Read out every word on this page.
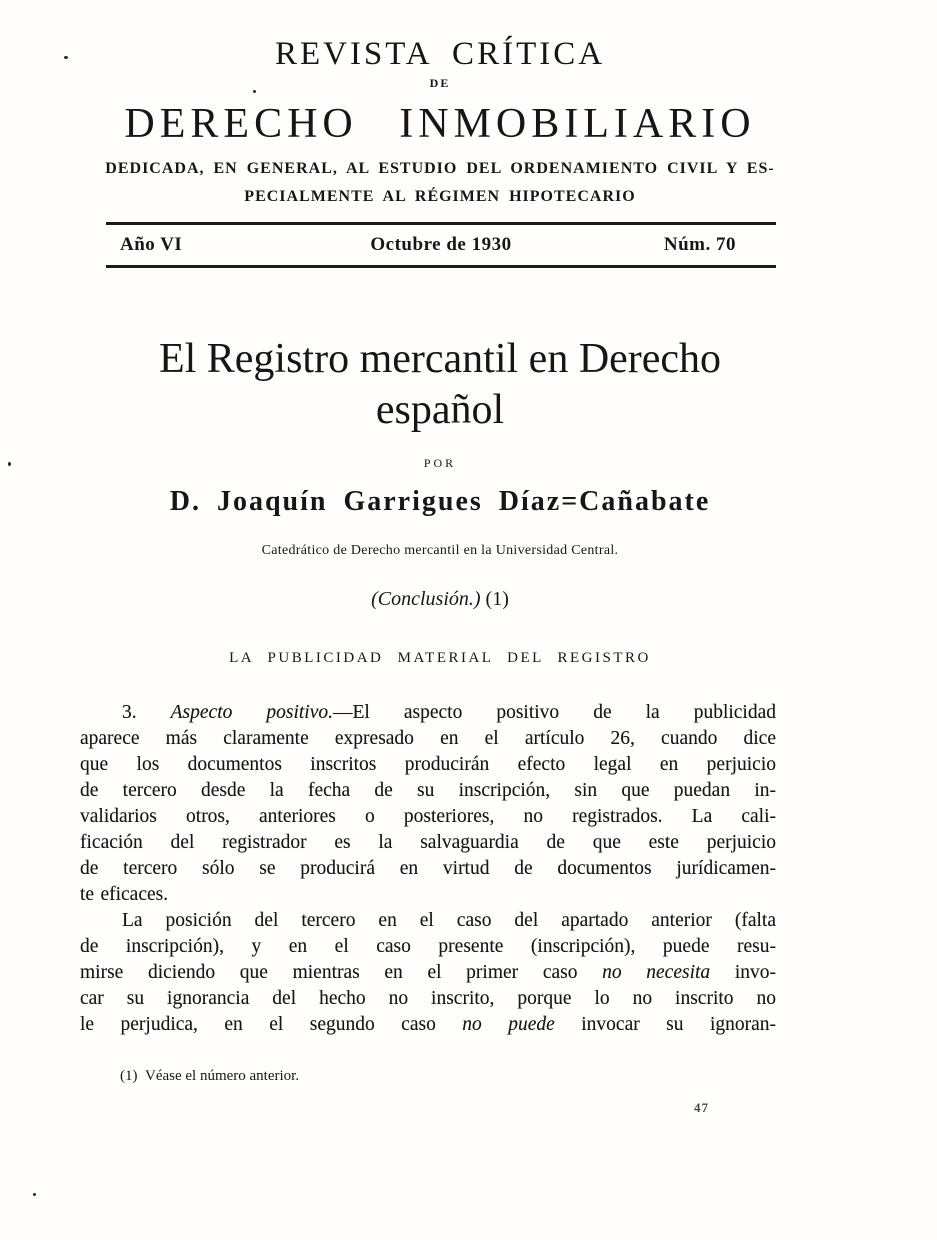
REVISTA CRÍTICA
DE
DERECHO INMOBILIARIO
DEDICADA, EN GENERAL, AL ESTUDIO DEL ORDENAMIENTO CIVIL Y ES-
PECIALMENTE AL RÉGIMEN HIPOTECARIO
Año VI	Octubre de 1930	Núm. 70
El Registro mercantil en Derecho
español
POR
D. Joaquín Garrigues Díaz=Cañabate
Catedrático de Derecho mercantil en la Universidad Central.
(Conclusión.) (1)
LA PUBLICIDAD MATERIAL DEL REGISTRO
3. Aspecto positivo.—El aspecto positivo de la publicidad
aparece más claramente expresado en el artículo 26, cuando dice
que los documentos inscritos producirán efecto legal en perjuicio
de tercero desde la fecha de su inscripción, sin que puedan in-
validarios otros, anteriores o posteriores, no registrados. La cali-
ficación del registrador es la salvaguardia de que este perjuicio
de tercero sólo se producirá en virtud de documentos jurídicamen-
te eficaces.
La posición del tercero en el caso del apartado anterior (falta
de inscripción), y en el caso presente (inscripción), puede resu-
mirse diciendo que mientras en el primer caso no necesita invo-
car su ignorancia del hecho no inscrito, porque lo no inscrito no
le perjudica, en el segundo caso no puede invocar su ignoran-
(1)  Véase el número anterior.
47
